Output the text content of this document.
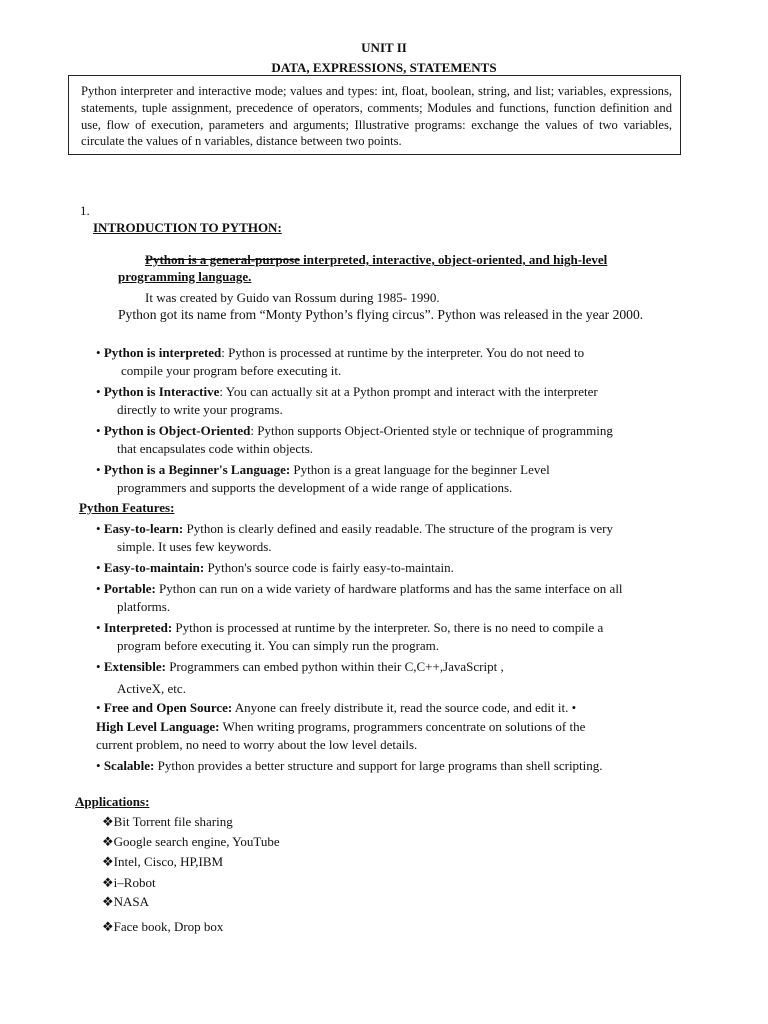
UNIT II
DATA, EXPRESSIONS, STATEMENTS
Python interpreter and interactive mode; values and types: int, float, boolean, string, and list; variables, expressions, statements, tuple assignment, precedence of operators, comments; Modules and functions, function definition and use, flow of execution, parameters and arguments; Illustrative programs: exchange the values of two variables, circulate the values of n variables, distance between two points.
1.
INTRODUCTION TO PYTHON:
Python is a general-purpose interpreted, interactive, object-oriented, and high-level
programming language.
It was created by Guido van Rossum during 1985- 1990.
Python got its name from “Monty Python’s flying circus”. Python was released in the year 2000.
• Python is interpreted: Python is processed at runtime by the interpreter. You do not need to
compile your program before executing it.
• Python is Interactive: You can actually sit at a Python prompt and interact with the interpreter
directly to write your programs.
• Python is Object-Oriented: Python supports Object-Oriented style or technique of programming
that encapsulates code within objects.
• Python is a Beginner's Language: Python is a great language for the beginner Level
programmers and supports the development of a wide range of applications.
Python Features:
• Easy-to-learn: Python is clearly defined and easily readable. The structure of the program is very
simple. It uses few keywords.
• Easy-to-maintain: Python's source code is fairly easy-to-maintain.
• Portable: Python can run on a wide variety of hardware platforms and has the same interface on all
platforms.
• Interpreted: Python is processed at runtime by the interpreter. So, there is no need to compile a
program before executing it. You can simply run the program.
• Extensible: Programmers can embed python within their C,C++,JavaScript ,
ActiveX, etc.
• Free and Open Source: Anyone can freely distribute it, read the source code, and edit it. •
High Level Language: When writing programs, programmers concentrate on solutions of the
current problem, no need to worry about the low level details.
• Scalable: Python provides a better structure and support for large programs than shell scripting.
Applications:
❖Bit Torrent file sharing
❖Google search engine, YouTube
❖Intel, Cisco, HP,IBM
❖i–Robot
❖NASA
❖Face book, Drop box
